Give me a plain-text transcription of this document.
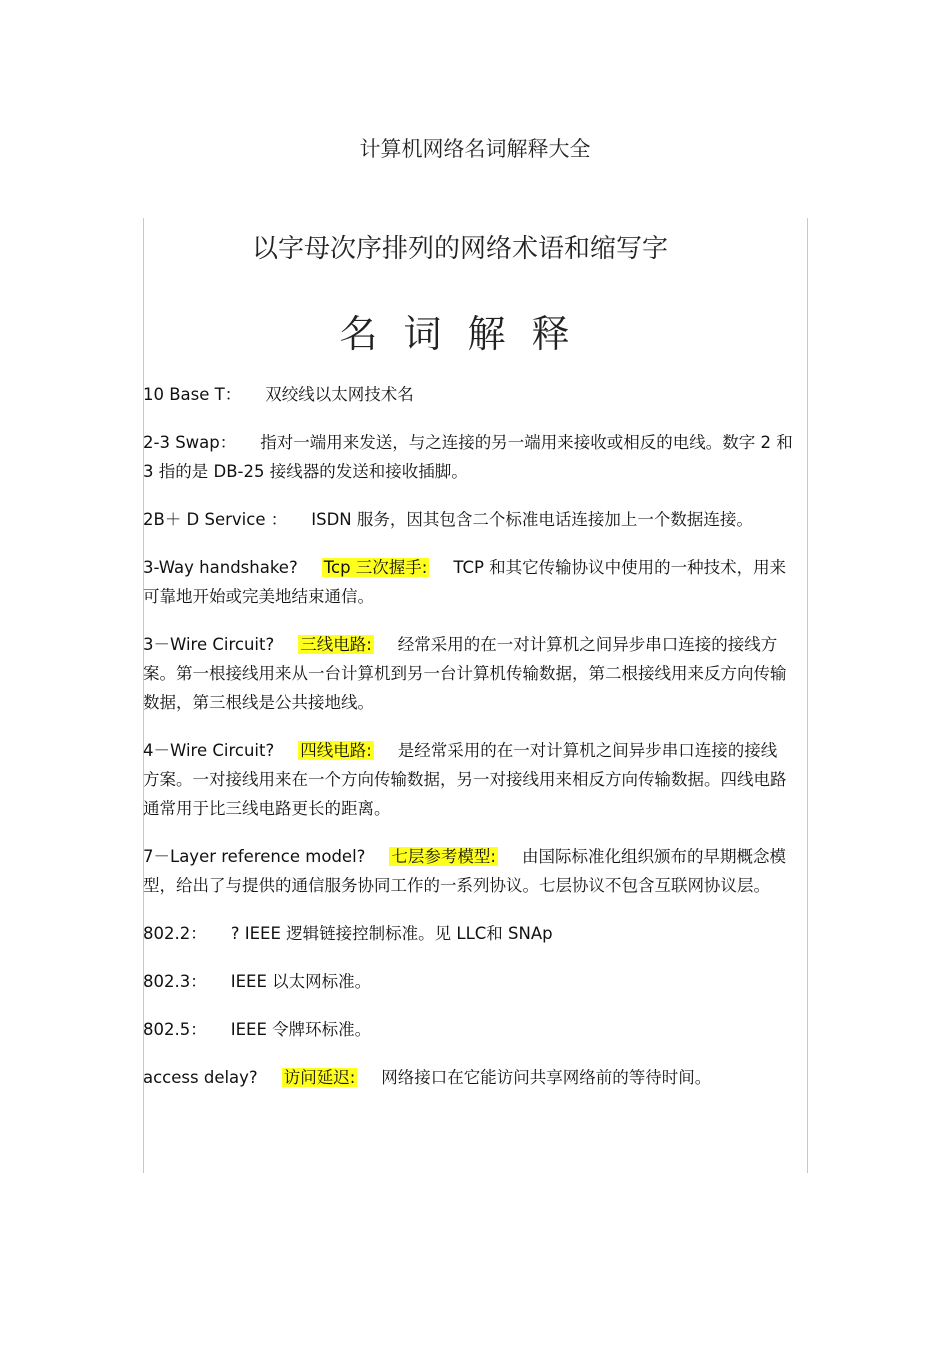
计算机网络名词解释大全
以字母次序排列的网络术语和缩写字
名词解释

10 Base T： 双绞线以太网技术名

2-3 Swap： 指对一端用来发送，与之连接的另一端用来接收或相反的电线。数字 2 和 3 指的是 DB-25 接线器的发送和接收插脚。

2B＋ D Service ： ISDN 服务，因其包含二个标准电话连接加上一个数据连接。

3-Way handshake? Tcp 三次握手: TCP 和其它传输协议中使用的一种技术，用来可靠地开始或完美地结束通信。

3－Wire Circuit? 三线电路: 经常采用的在一对计算机之间异步串口连接的接线方案。第一根接线用来从一台计算机到另一台计算机传输数据，第二根接线用来反方向传输数据，第三根线是公共接地线。

4－Wire Circuit? 四线电路: 是经常采用的在一对计算机之间异步串口连接的接线方案。一对接线用来在一个方向传输数据，另一对接线用来相反方向传输数据。四线电路通常用于比三线电路更长的距离。

7－Layer reference model? 七层参考模型: 由国际标准化组织颁布的早期概念模型，给出了与提供的通信服务协同工作的一系列协议。七层协议不包含互联网协议层。

802.2： ? IEEE 逻辑链接控制标准。见 LLC和 SNAp

802.3： IEEE 以太网标准。

802.5： IEEE 令牌环标准。

access delay? 访问延迟: 网络接口在它能访问共享网络前的等待时间。
